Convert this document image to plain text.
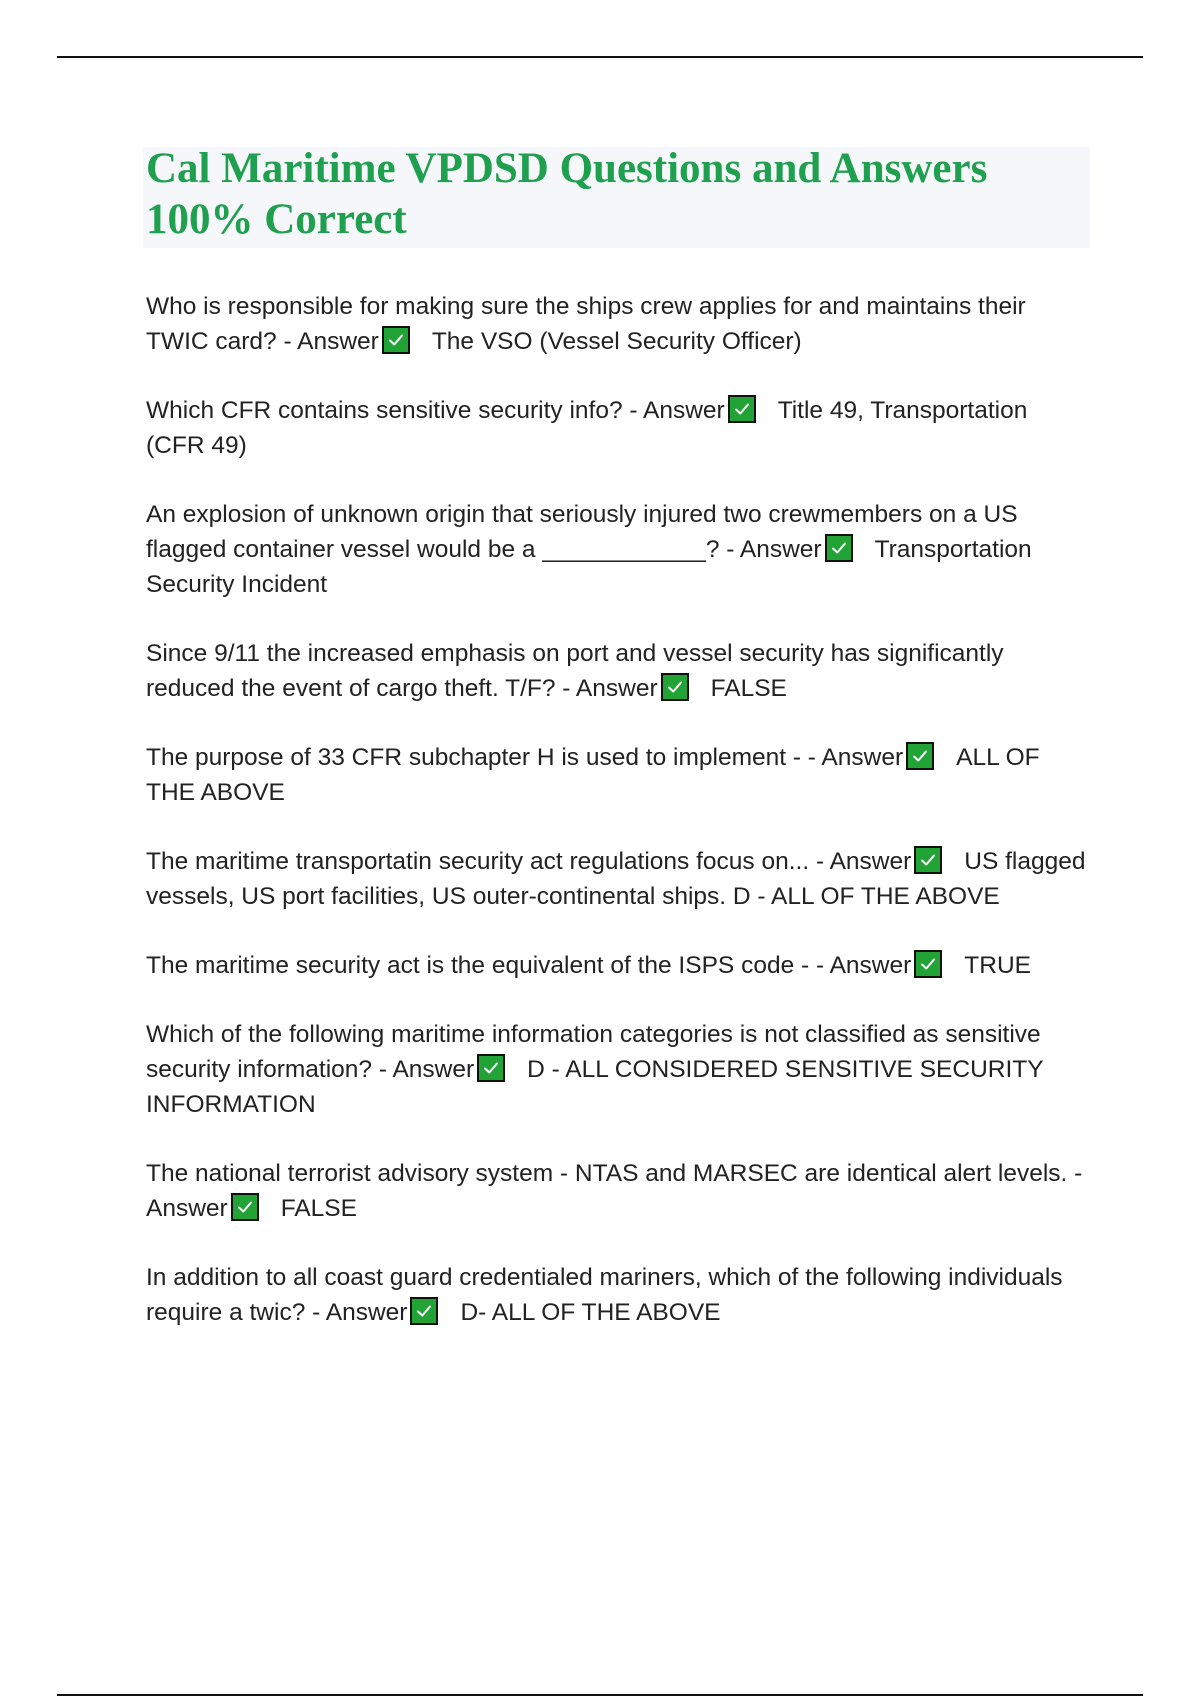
Cal Maritime VPDSD Questions and Answers 100% Correct

Who is responsible for making sure the ships crew applies for and maintains their TWIC card? - Answer The VSO (Vessel Security Officer)

Which CFR contains sensitive security info? - Answer Title 49, Transportation (CFR 49)

An explosion of unknown origin that seriously injured two crewmembers on a US flagged container vessel would be a ____________? - Answer Transportation Security Incident

Since 9/11 the increased emphasis on port and vessel security has significantly reduced the event of cargo theft. T/F? - Answer FALSE

The purpose of 33 CFR subchapter H is used to implement - - Answer ALL OF THE ABOVE

The maritime transportatin security act regulations focus on... - Answer US flagged vessels, US port facilities, US outer-continental ships. D - ALL OF THE ABOVE

The maritime security act is the equivalent of the ISPS code - - Answer TRUE

Which of the following maritime information categories is not classified as sensitive security information? - Answer D - ALL CONSIDERED SENSITIVE SECURITY INFORMATION

The national terrorist advisory system - NTAS and MARSEC are identical alert levels. - Answer FALSE

In addition to all coast guard credentialed mariners, which of the following individuals require a twic? - Answer D- ALL OF THE ABOVE
